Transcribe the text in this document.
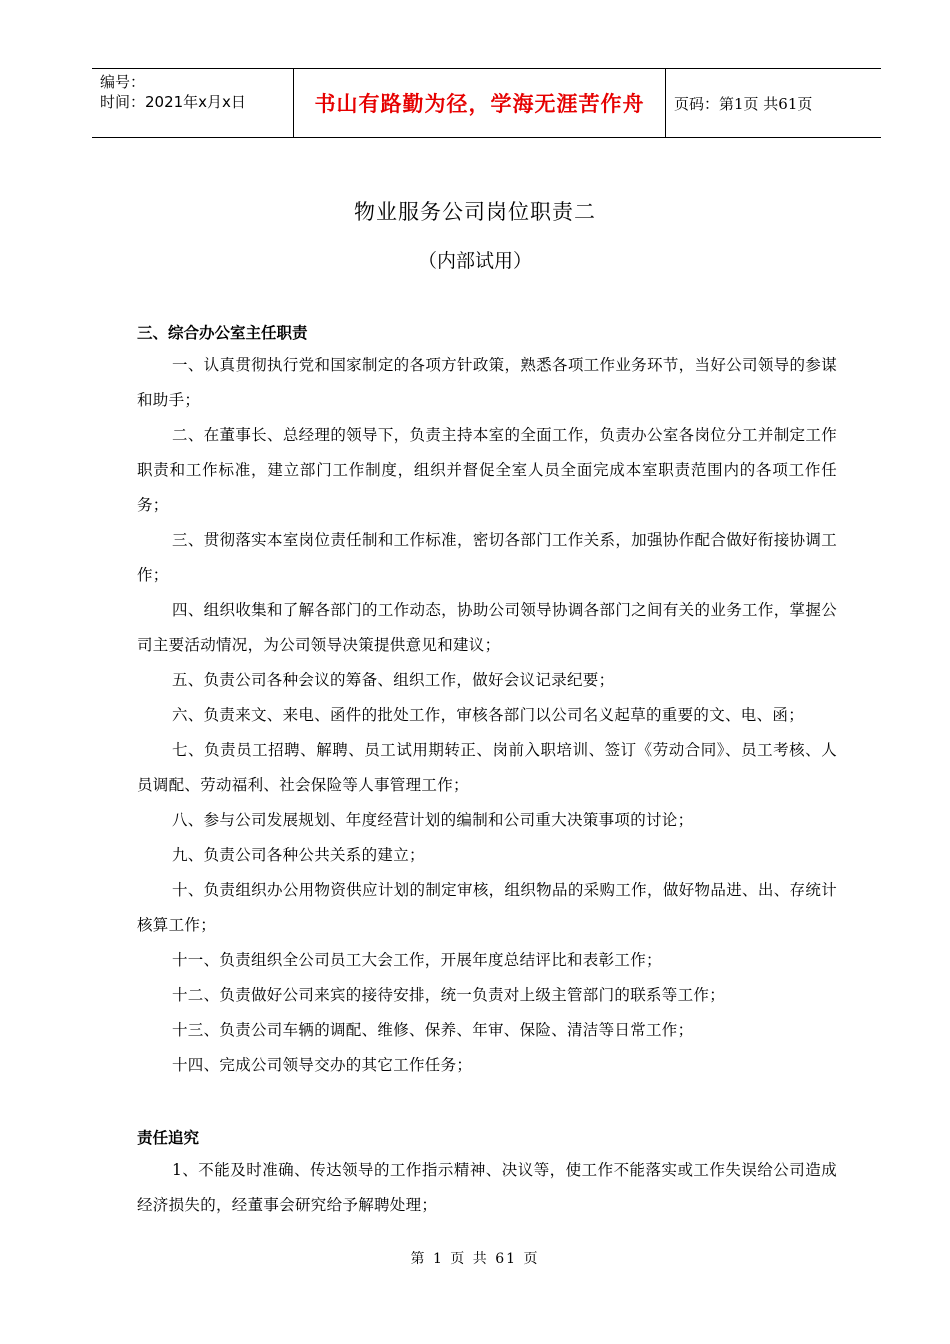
编号：
时间：2021年x月x日	书山有路勤为径，学海无涯苦作舟 页码：第1页 共61页
物业服务公司岗位职责二
（内部试用）

三、综合办公室主任职责

一、认真贯彻执行党和国家制定的各项方针政策，熟悉各项工作业务环节，当好公司领导的参谋和助手；

二、在董事长、总经理的领导下，负责主持本室的全面工作，负责办公室各岗位分工并制定工作职责和工作标准，建立部门工作制度，组织并督促全室人员全面完成本室职责范围内的各项工作任务；

三、贯彻落实本室岗位责任制和工作标准，密切各部门工作关系，加强协作配合做好衔接协调工作；

四、组织收集和了解各部门的工作动态，协助公司领导协调各部门之间有关的业务工作，掌握公司主要活动情况，为公司领导决策提供意见和建议；

五、负责公司各种会议的筹备、组织工作，做好会议记录纪要；

六、负责来文、来电、函件的批处工作，审核各部门以公司名义起草的重要的文、电、函；

七、负责员工招聘、解聘、员工试用期转正、岗前入职培训、签订《劳动合同》、员工考核、人员调配、劳动福利、社会保险等人事管理工作；

八、参与公司发展规划、年度经营计划的编制和公司重大决策事项的讨论；

九、负责公司各种公共关系的建立；

十、负责组织办公用物资供应计划的制定审核，组织物品的采购工作，做好物品进、出、存统计核算工作；

十一、负责组织全公司员工大会工作，开展年度总结评比和表彰工作；

十二、负责做好公司来宾的接待安排，统一负责对上级主管部门的联系等工作；

十三、负责公司车辆的调配、维修、保养、年审、保险、清洁等日常工作；

十四、完成公司领导交办的其它工作任务；

责任追究

1、不能及时准确、传达领导的工作指示精神、决议等，使工作不能落实或工作失误给公司造成经济损失的，经董事会研究给予解聘处理；

第 1 页 共 61 页
